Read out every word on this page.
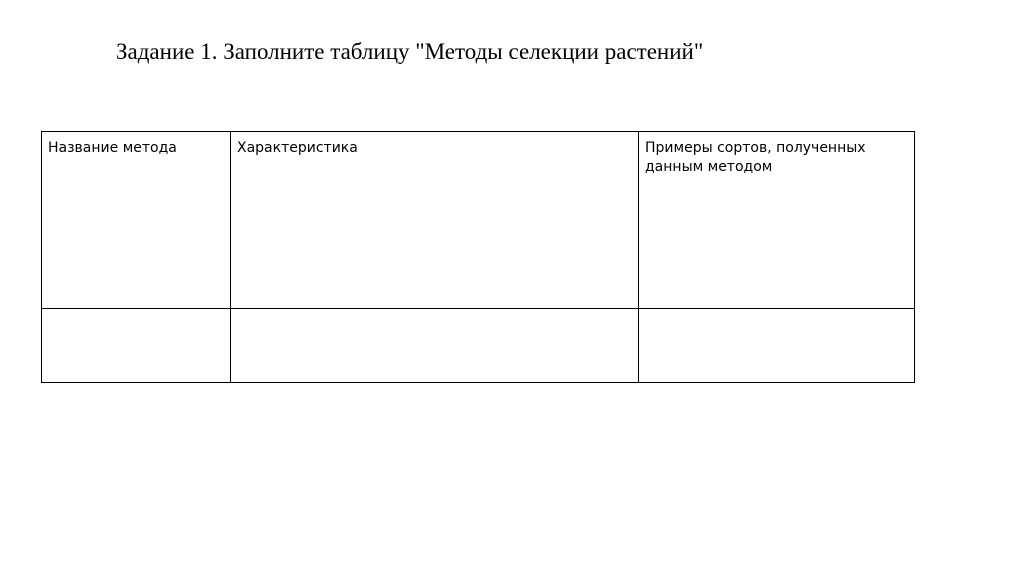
Задание 1. Заполните таблицу "Методы селекции растений"
Название метода	Характеристика	Примеры сортов, полученных данным методом
